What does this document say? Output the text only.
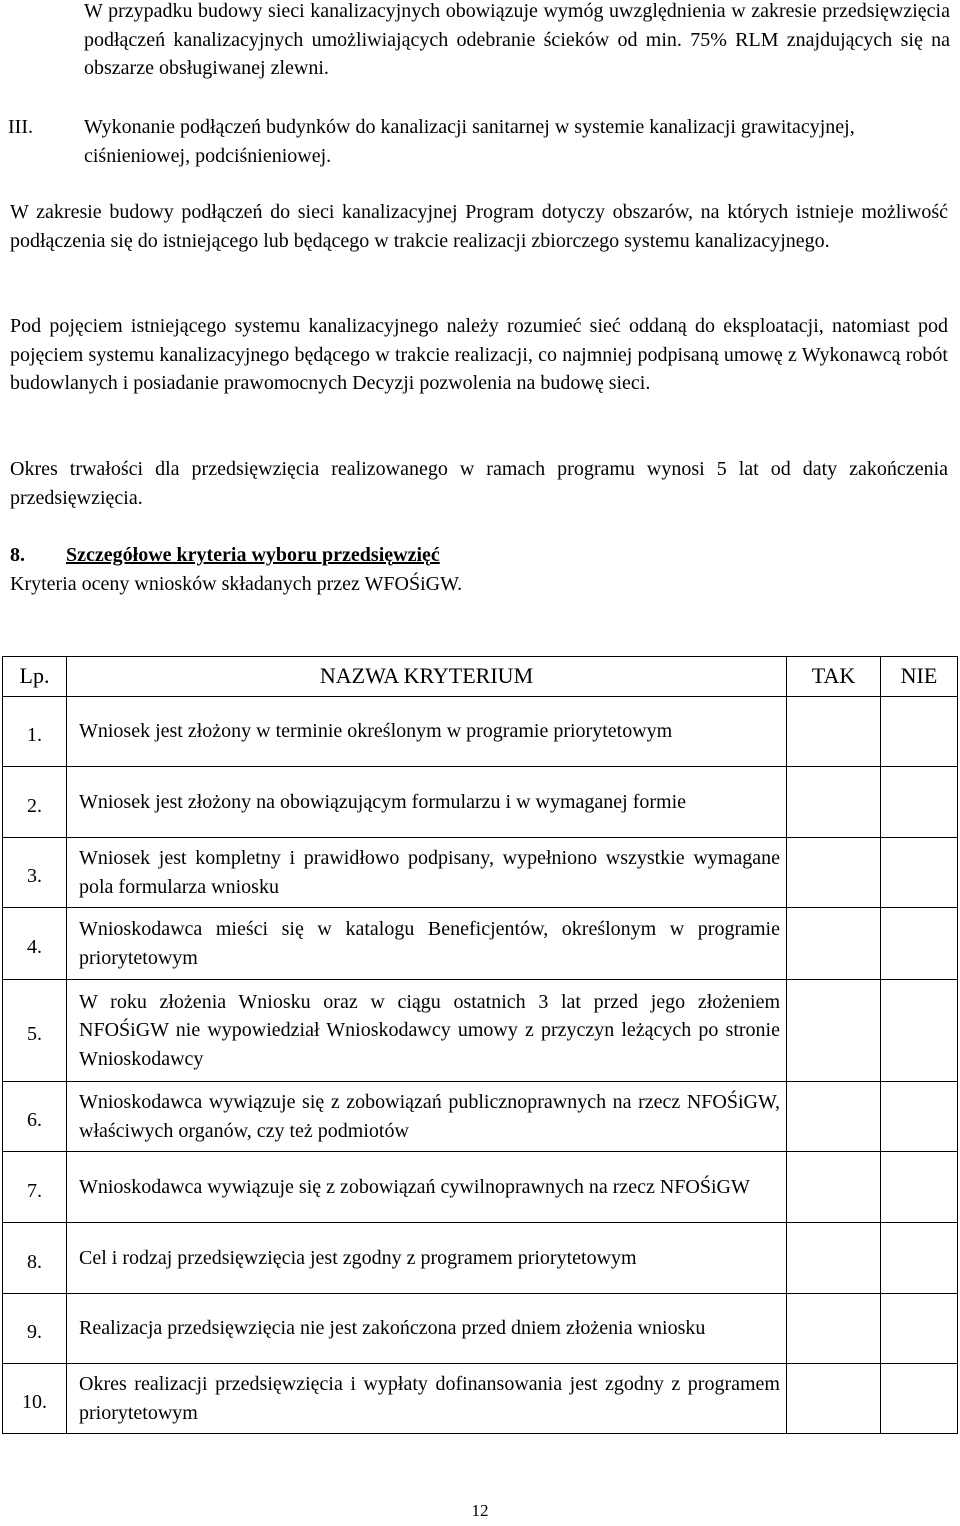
W przypadku budowy sieci kanalizacyjnych obowiązuje wymóg uwzględnienia w zakresie przedsięwzięcia podłączeń kanalizacyjnych umożliwiających odebranie ścieków od min. 75% RLM znajdujących się na obszarze obsługiwanej zlewni.

III.	Wykonanie podłączeń budynków do kanalizacji sanitarnej w systemie kanalizacji grawitacyjnej, ciśnieniowej, podciśnieniowej.

W zakresie budowy podłączeń do sieci kanalizacyjnej Program dotyczy obszarów, na których istnieje możliwość podłączenia się do istniejącego lub będącego w trakcie realizacji zbiorczego systemu kanalizacyjnego.

Pod pojęciem istniejącego systemu kanalizacyjnego należy rozumieć sieć oddaną do eksploatacji, natomiast pod pojęciem systemu kanalizacyjnego będącego w trakcie realizacji, co najmniej podpisaną umowę z Wykonawcą robót budowlanych i posiadanie prawomocnych Decyzji pozwolenia na budowę sieci.

Okres trwałości dla przedsięwzięcia realizowanego w ramach programu wynosi 5 lat od daty zakończenia przedsięwzięcia.

8. Szczegółowe kryteria wyboru przedsięwzięć

Kryteria oceny wniosków składanych przez WFOŚiGW.

Lp.	NAZWA KRYTERIUM	TAK	NIE
1.	Wniosek jest złożony w terminie określonym w programie priorytetowym		
2.	Wniosek jest złożony na obowiązującym formularzu i w wymaganej formie		
3.	Wniosek jest kompletny i prawidłowo podpisany, wypełniono wszystkie wymagane pola formularza wniosku		
4.	Wnioskodawca mieści się w katalogu Beneficjentów, określonym w programie priorytetowym		
5.	W roku złożenia Wniosku oraz w ciągu ostatnich 3 lat przed jego złożeniem NFOŚiGW nie wypowiedział Wnioskodawcy umowy z przyczyn leżących po stronie Wnioskodawcy		
6.	Wnioskodawca wywiązuje się z zobowiązań publicznoprawnych na rzecz NFOŚiGW, właściwych organów, czy też podmiotów		
7.	Wnioskodawca wywiązuje się z zobowiązań cywilnoprawnych na rzecz NFOŚiGW		
8.	Cel i rodzaj przedsięwzięcia jest zgodny z programem priorytetowym		
9.	Realizacja przedsięwzięcia nie jest zakończona przed dniem złożenia wniosku		
10.	Okres realizacji przedsięwzięcia i wypłaty dofinansowania jest zgodny z programem priorytetowym		

12
